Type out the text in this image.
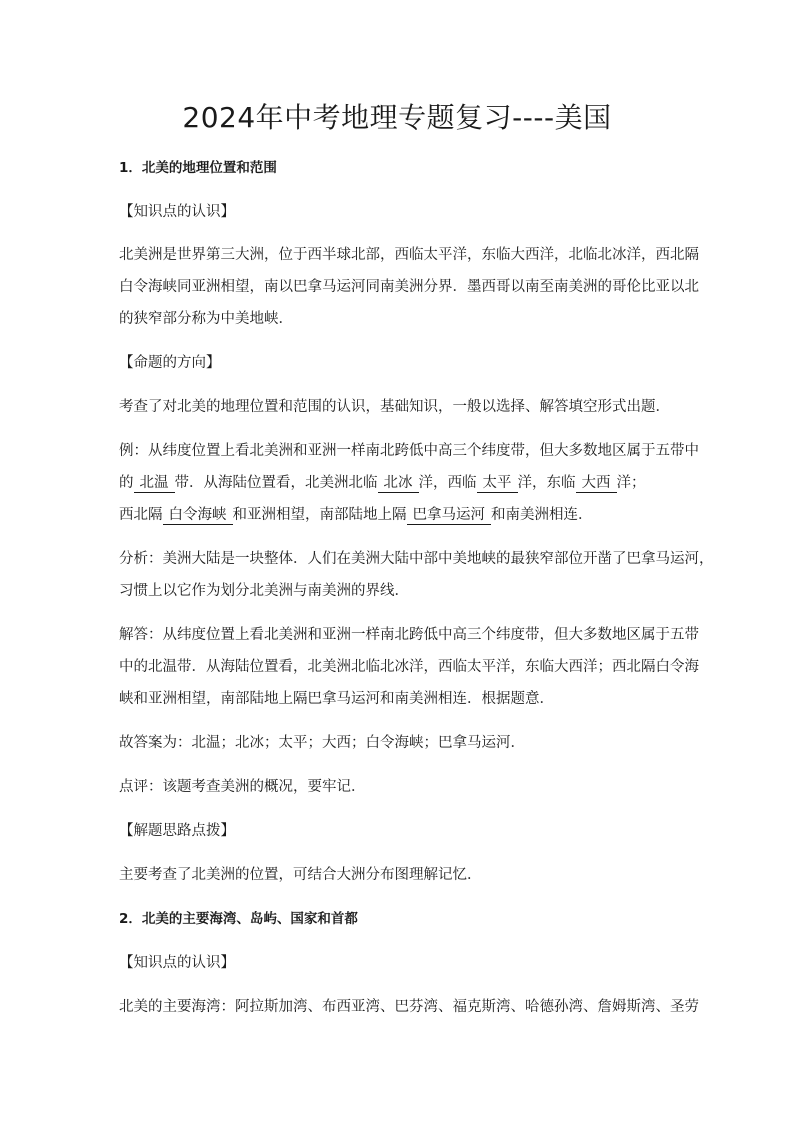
2024年中考地理专题复习----美国
1．北美的地理位置和范围
【知识点的认识】
北美洲是世界第三大洲，位于西半球北部，西临太平洋，东临大西洋，北临北冰洋，西北隔
白令海峡同亚洲相望，南以巴拿马运河同南美洲分界．墨西哥以南至南美洲的哥伦比亚以北
的狭窄部分称为中美地峡．
【命题的方向】
考查了对北美的地理位置和范围的认识，基础知识，一般以选择、解答填空形式出题．
例：从纬度位置上看北美洲和亚洲一样南北跨低中高三个纬度带，但大多数地区属于五带中
的 北温 带．从海陆位置看，北美洲北临 北冰 洋，西临 太平 洋，东临 大西 洋；
西北隔 白令海峡 和亚洲相望，南部陆地上隔 巴拿马运河 和南美洲相连．
分析：美洲大陆是一块整体．人们在美洲大陆中部中美地峡的最狭窄部位开凿了巴拿马运河，
习惯上以它作为划分北美洲与南美洲的界线．
解答：从纬度位置上看北美洲和亚洲一样南北跨低中高三个纬度带，但大多数地区属于五带
中的北温带．从海陆位置看，北美洲北临北冰洋，西临太平洋，东临大西洋；西北隔白令海
峡和亚洲相望，南部陆地上隔巴拿马运河和南美洲相连．根据题意．
故答案为：北温；北冰；太平；大西；白令海峡；巴拿马运河．
点评：该题考查美洲的概况，要牢记．
【解题思路点拨】
主要考查了北美洲的位置，可结合大洲分布图理解记忆．
2．北美的主要海湾、岛屿、国家和首都
【知识点的认识】
北美的主要海湾：阿拉斯加湾、布西亚湾、巴芬湾、福克斯湾、哈德孙湾、詹姆斯湾、圣劳
